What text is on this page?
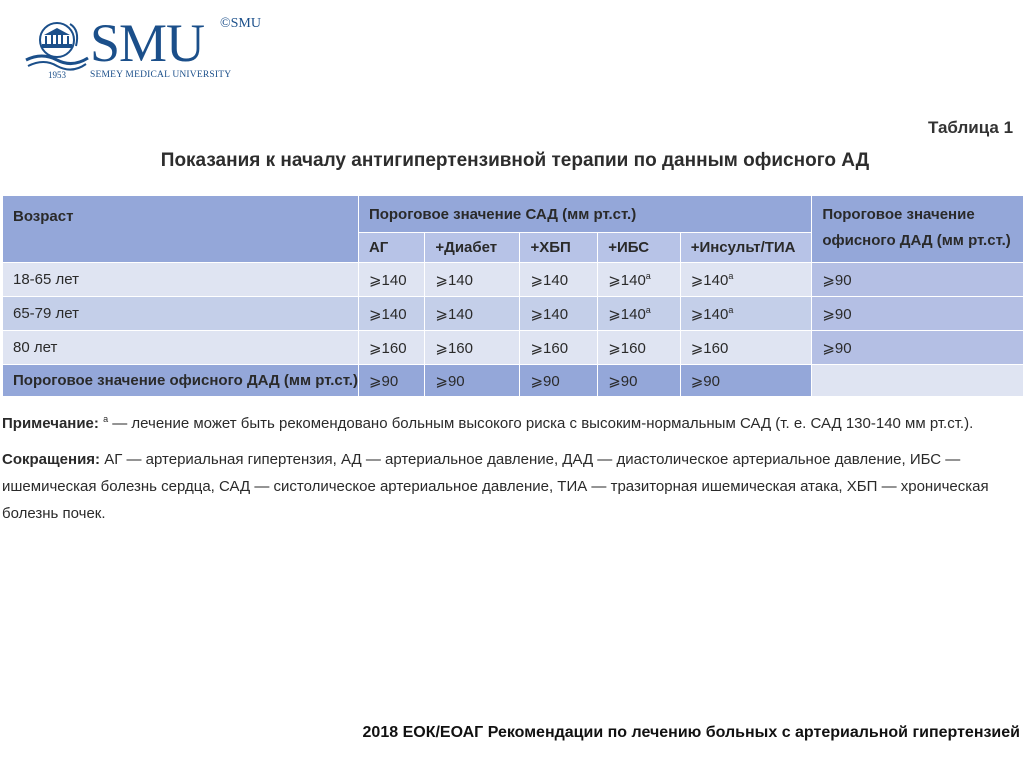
SMU ©SMU
1953	SEMEY MEDICAL UNIVERSITY
Таблица 1
Показания к началу антигипертензивной терапии по данным офисного АД
Возраст	Пороговое значение САД (мм рт.ст.)					Пороговое значение офисного ДАД (мм рт.ст.)
	АГ	+Диабет	+ХБП	+ИБС	+Инсульт/ТИА	
18-65 лет	⩾140	⩾140	⩾140	$⩾140^а$	$⩾140^а$	⩾90
65-79 лет	⩾140	⩾140	⩾140	$⩾140^а$	$⩾140^а$	⩾90
80 лет	⩾160	⩾160	⩾160	⩾160	⩾160	⩾90
Пороговое значение офисного ДАД (мм рт.ст.)	⩾90	⩾90	⩾90	⩾90	⩾90	
Примечание: $^а$ — лечение может быть рекомендовано больным высокого риска с высоким-нормальным САД (т. е. САД 130-140 мм рт.ст.).
Сокращения: АГ — артериальная гипертензия, АД — артериальное давление, ДАД — диастолическое артериальное давление, ИБС — ишемическая болезнь сердца, САД — систолическое артериальное давление, ТИА — тразиторная ишемическая атака, ХБП — хроническая болезнь почек.
2018 ЕОК/ЕОАГ Рекомендации по лечению больных с артериальной гипертензией
